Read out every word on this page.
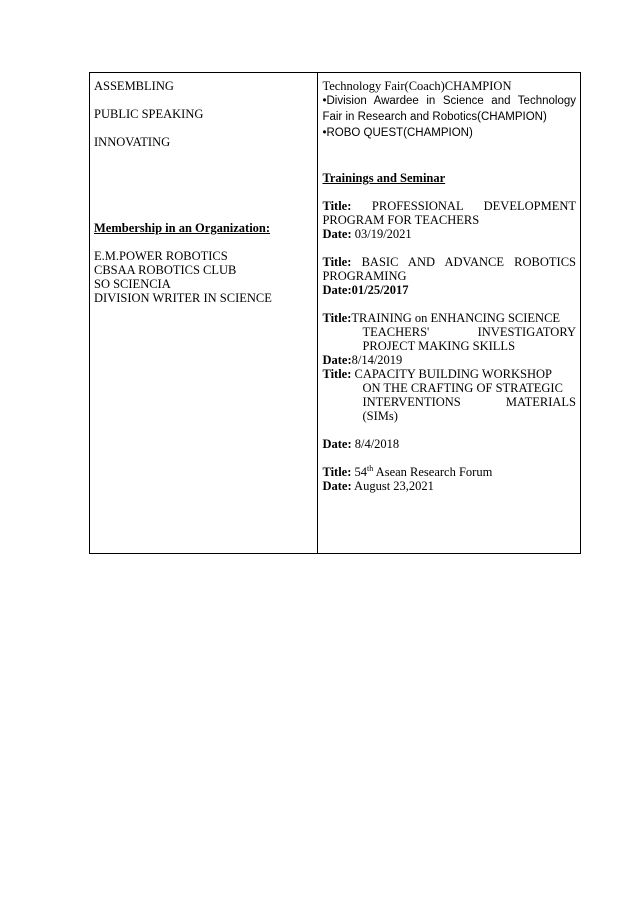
ASSEMBLING

PUBLIC SPEAKING

INNOVATING

Membership in an Organization:

E.M.POWER ROBOTICS

CBSAA ROBOTICS CLUB

SO SCIENCIA

DIVISION WRITER IN SCIENCE

Technology Fair(Coach)CHAMPION

•Division Awardee in Science and Technology Fair in Research and Robotics(CHAMPION)

•ROBO QUEST(CHAMPION)

Trainings and Seminar

Title: PROFESSIONAL DEVELOPMENT PROGRAM FOR TEACHERS

Date: 03/19/2021

Title: BASIC AND ADVANCE ROBOTICS PROGRAMING

Date:01/25/2017

Title:TRAINING on ENHANCING SCIENCE

TEACHERS' INVESTIGATORY

PROJECT MAKING SKILLS

Date:8/14/2019

Title: CAPACITY BUILDING WORKSHOP

ON THE CRAFTING OF STRATEGIC

INTERVENTIONS MATERIALS

(SIMs)

Date: 8/4/2018

Title: 54th Asean Research Forum

Date: August 23,2021
